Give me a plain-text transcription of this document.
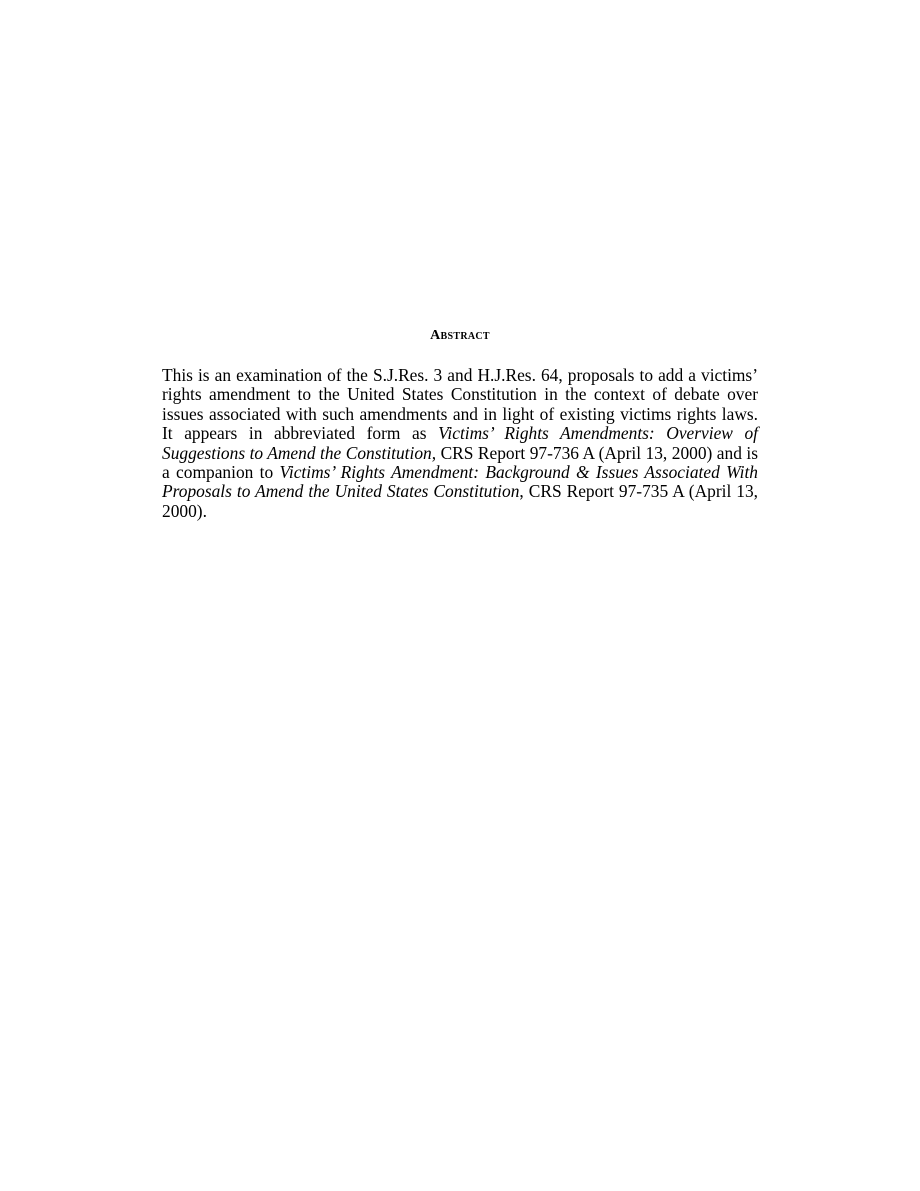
Abstract

This is an examination of the S.J.Res. 3 and H.J.Res. 64, proposals to add a victims’ rights amendment to the United States Constitution in the context of debate over issues associated with such amendments and in light of existing victims rights laws. It appears in abbreviated form as Victims’ Rights Amendments: Overview of Suggestions to Amend the Constitution, CRS Report 97-736 A (April 13, 2000) and is a companion to Victims’ Rights Amendment: Background & Issues Associated With Proposals to Amend the United States Constitution, CRS Report 97-735 A (April 13, 2000).
